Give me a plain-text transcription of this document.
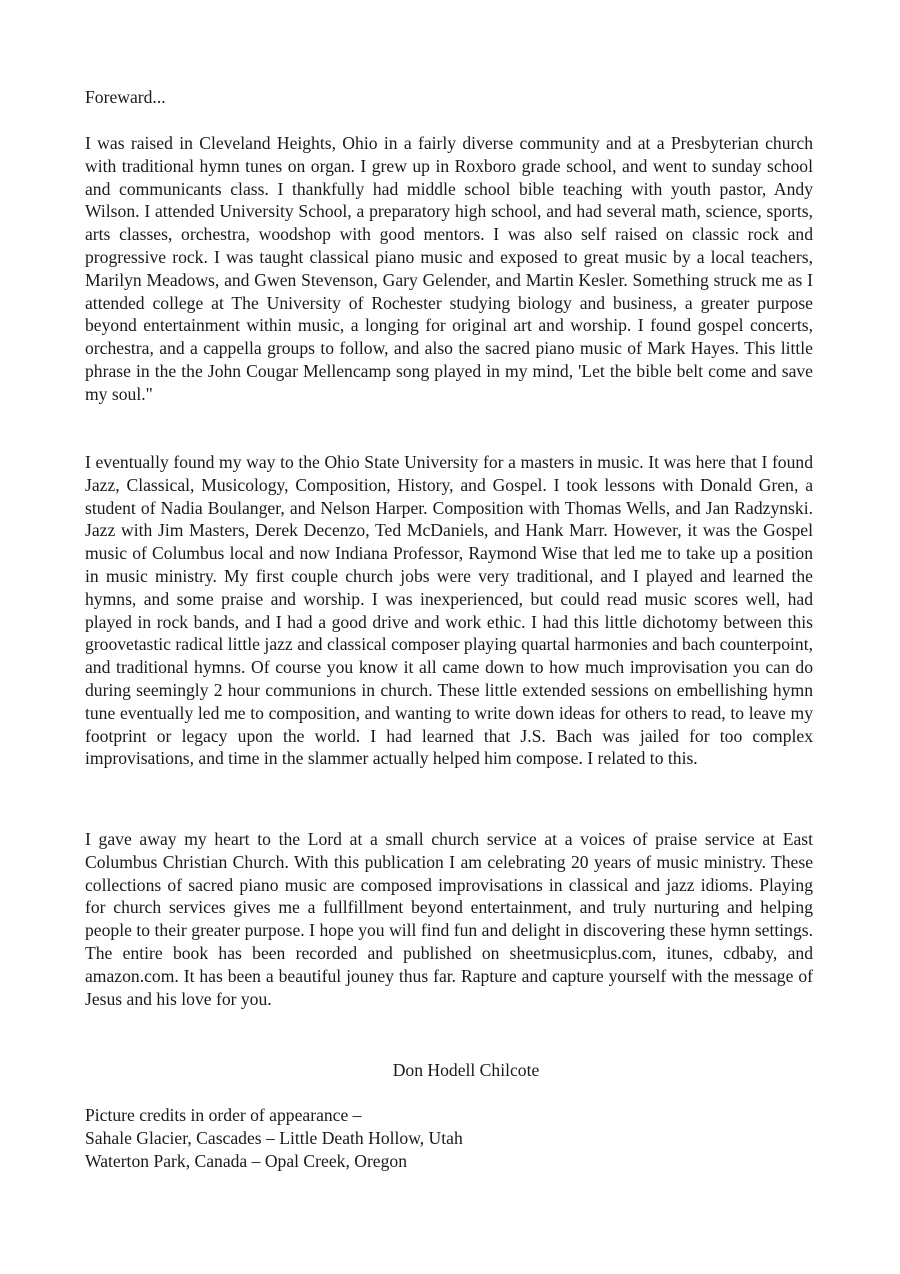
Foreward...
I was raised in Cleveland Heights, Ohio in a fairly diverse community and at a Presbyterian church with traditional hymn tunes on organ. I grew up in Roxboro grade school, and went to sunday school and communicants class. I thankfully had middle school bible teaching with youth pastor, Andy Wilson. I attended University School, a preparatory high school, and had several math, science, sports, arts classes, orchestra, woodshop with good mentors. I was also self raised on classic rock and progressive rock. I was taught classical piano music and exposed to great music by a local teachers, Marilyn Meadows, and Gwen Stevenson, Gary Gelender, and Martin Kesler. Something struck me as I attended college at The University of Rochester studying biology and business, a greater purpose beyond entertainment within music, a longing for original art and worship. I found gospel concerts, orchestra, and a cappella groups to follow, and also the sacred piano music of Mark Hayes. This little phrase in the the John Cougar Mellencamp song played in my mind, 'Let the bible belt come and save my soul."
I eventually found my way to the Ohio State University for a masters in music. It was here that I found Jazz, Classical, Musicology, Composition, History, and Gospel. I took lessons with Donald Gren, a student of Nadia Boulanger, and Nelson Harper. Composition with Thomas Wells, and Jan Radzynski. Jazz with Jim Masters, Derek Decenzo, Ted McDaniels, and Hank Marr. However, it was the Gospel music of Columbus local and now Indiana Professor, Raymond Wise that led me to take up a position in music ministry. My first couple church jobs were very traditional, and I played and learned the hymns, and some praise and worship. I was inexperienced, but could read music scores well, had played in rock bands, and I had a good drive and work ethic. I had this little dichotomy between this groovetastic radical little jazz and classical composer playing quartal harmonies and bach counterpoint, and traditional hymns. Of course you know it all came down to how much improvisation you can do during seemingly 2 hour communions in church. These little extended sessions on embellishing hymn tune eventually led me to composition, and wanting to write down ideas for others to read, to leave my footprint or legacy upon the world. I had learned that J.S. Bach was jailed for too complex improvisations, and time in the slammer actually helped him compose. I related to this.
I gave away my heart to the Lord at a small church service at a voices of praise service at East Columbus Christian Church. With this publication I am celebrating 20 years of music ministry. These collections of sacred piano music are composed improvisations in classical and jazz idioms. Playing for church services gives me a fullfillment beyond entertainment, and truly nurturing and helping people to their greater purpose. I hope you will find fun and delight in discovering these hymn settings. The entire book has been recorded and published on sheetmusicplus.com, itunes, cdbaby, and amazon.com. It has been a beautiful jouney thus far. Rapture and capture yourself with the message of Jesus and his love for you.
Don Hodell Chilcote
Picture credits in order of appearance –
Sahale Glacier, Cascades – Little Death Hollow, Utah
Waterton Park, Canada – Opal Creek, Oregon
